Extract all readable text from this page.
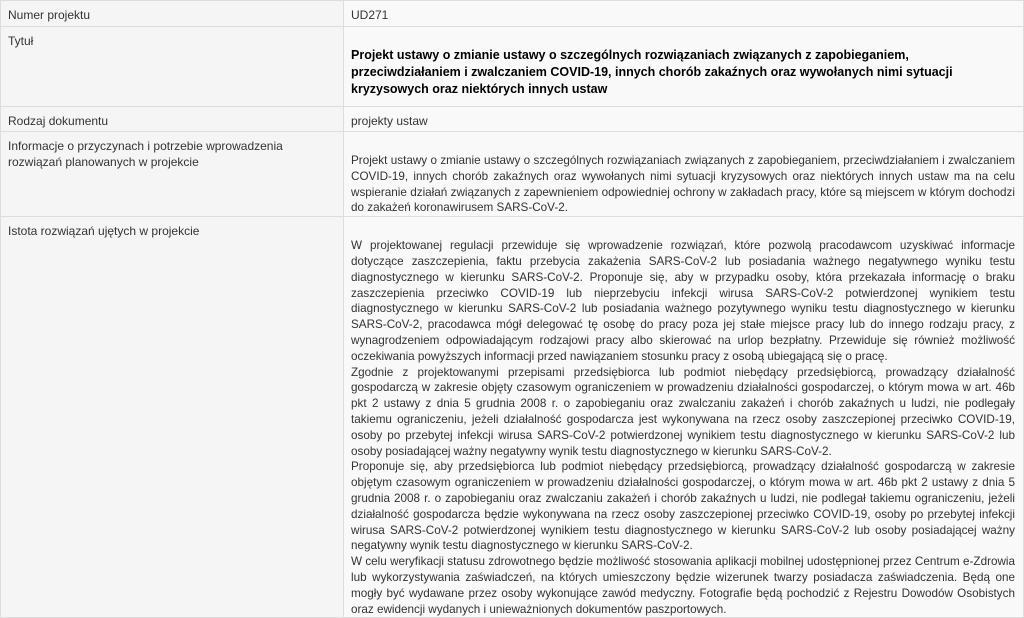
Numer projektu	UD271
Tytuł	Projekt ustawy o zmianie ustawy o szczególnych rozwiązaniach związanych z zapobieganiem, przeciwdziałaniem i zwalczaniem COVID-19, innych chorób zakaźnych oraz wywołanych nimi sytuacji kryzysowych oraz niektórych innych ustaw

Rodzaj dokumentu	projekty ustaw
Informacje o przyczynach i potrzebie wprowadzenia rozwiązań planowanych w projekcie	Projekt ustawy o zmianie ustawy o szczególnych rozwiązaniach związanych z zapobieganiem, przeciwdziałaniem i zwalczaniem COVID-19, innych chorób zakaźnych oraz wywołanych nimi sytuacji kryzysowych oraz niektórych innych ustaw ma na celu wspieranie działań związanych z zapewnieniem odpowiedniej ochrony w zakładach pracy, które są miejscem w którym dochodzi do zakażeń koronawirusem SARS-CoV-2.

Istota rozwiązań ujętych w projekcie	W projektowanej regulacji przewiduje się wprowadzenie rozwiązań, które pozwolą pracodawcom uzyskiwać informacje dotyczące zaszczepienia, faktu przebycia zakażenia SARS-CoV-2 lub posiadania ważnego negatywnego wyniku testu diagnostycznego w kierunku SARS-CoV-2. Proponuje się, aby w przypadku osoby, która przekazała informację o braku zaszczepienia przeciwko COVID-19 lub nieprzebyciu infekcji wirusa SARS-CoV-2 potwierdzonej wynikiem testu diagnostycznego w kierunku SARS-CoV-2 lub posiadania ważnego pozytywnego wyniku testu diagnostycznego w kierunku SARS-CoV-2, pracodawca mógł delegować tę osobę do pracy poza jej stałe miejsce pracy lub do innego rodzaju pracy, z wynagrodzeniem odpowiadającym rodzajowi pracy albo skierować na urlop bezpłatny. Przewiduje się również możliwość oczekiwania powyższych informacji przed nawiązaniem stosunku pracy z osobą ubiegającą się o pracę.

Zgodnie z projektowanymi przepisami przedsiębiorca lub podmiot niebędący przedsiębiorcą, prowadzący działalność gospodarczą w zakresie objęty czasowym ograniczeniem w prowadzeniu działalności gospodarczej, o którym mowa w art. 46b pkt 2 ustawy z dnia 5 grudnia 2008 r. o zapobieganiu oraz zwalczaniu zakażeń i chorób zakaźnych u ludzi, nie podlegały takiemu ograniczeniu, jeżeli działalność gospodarcza jest wykonywana na rzecz osoby zaszczepionej przeciwko COVID-19, osoby po przebytej infekcji wirusa SARS-CoV-2 potwierdzonej wynikiem testu diagnostycznego w kierunku SARS-CoV-2 lub osoby posiadającej ważny negatywny wynik testu diagnostycznego w kierunku SARS-CoV-2.

Proponuje się, aby przedsiębiorca lub podmiot niebędący przedsiębiorcą, prowadzący działalność gospodarczą w zakresie objętym czasowym ograniczeniem w prowadzeniu działalności gospodarczej, o którym mowa w art. 46b pkt 2 ustawy z dnia 5 grudnia 2008 r. o zapobieganiu oraz zwalczaniu zakażeń i chorób zakaźnych u ludzi, nie podlegał takiemu ograniczeniu, jeżeli działalność gospodarcza będzie wykonywana na rzecz osoby zaszczepionej przeciwko COVID-19, osoby po przebytej infekcji wirusa SARS-CoV-2 potwierdzonej wynikiem testu diagnostycznego w kierunku SARS-CoV-2 lub osoby posiadającej ważny negatywny wynik testu diagnostycznego w kierunku SARS-CoV-2.

W celu weryfikacji statusu zdrowotnego będzie możliwość stosowania aplikacji mobilnej udostępnionej przez Centrum e-Zdrowia lub wykorzystywania zaświadczeń, na których umieszczony będzie wizerunek twarzy posiadacza zaświadczenia. Będą one mogły być wydawane przez osoby wykonujące zawód medyczny. Fotografie będą pochodzić z Rejestru Dowodów Osobistych oraz ewidencji wydanych i unieważnionych dokumentów paszportowych.
